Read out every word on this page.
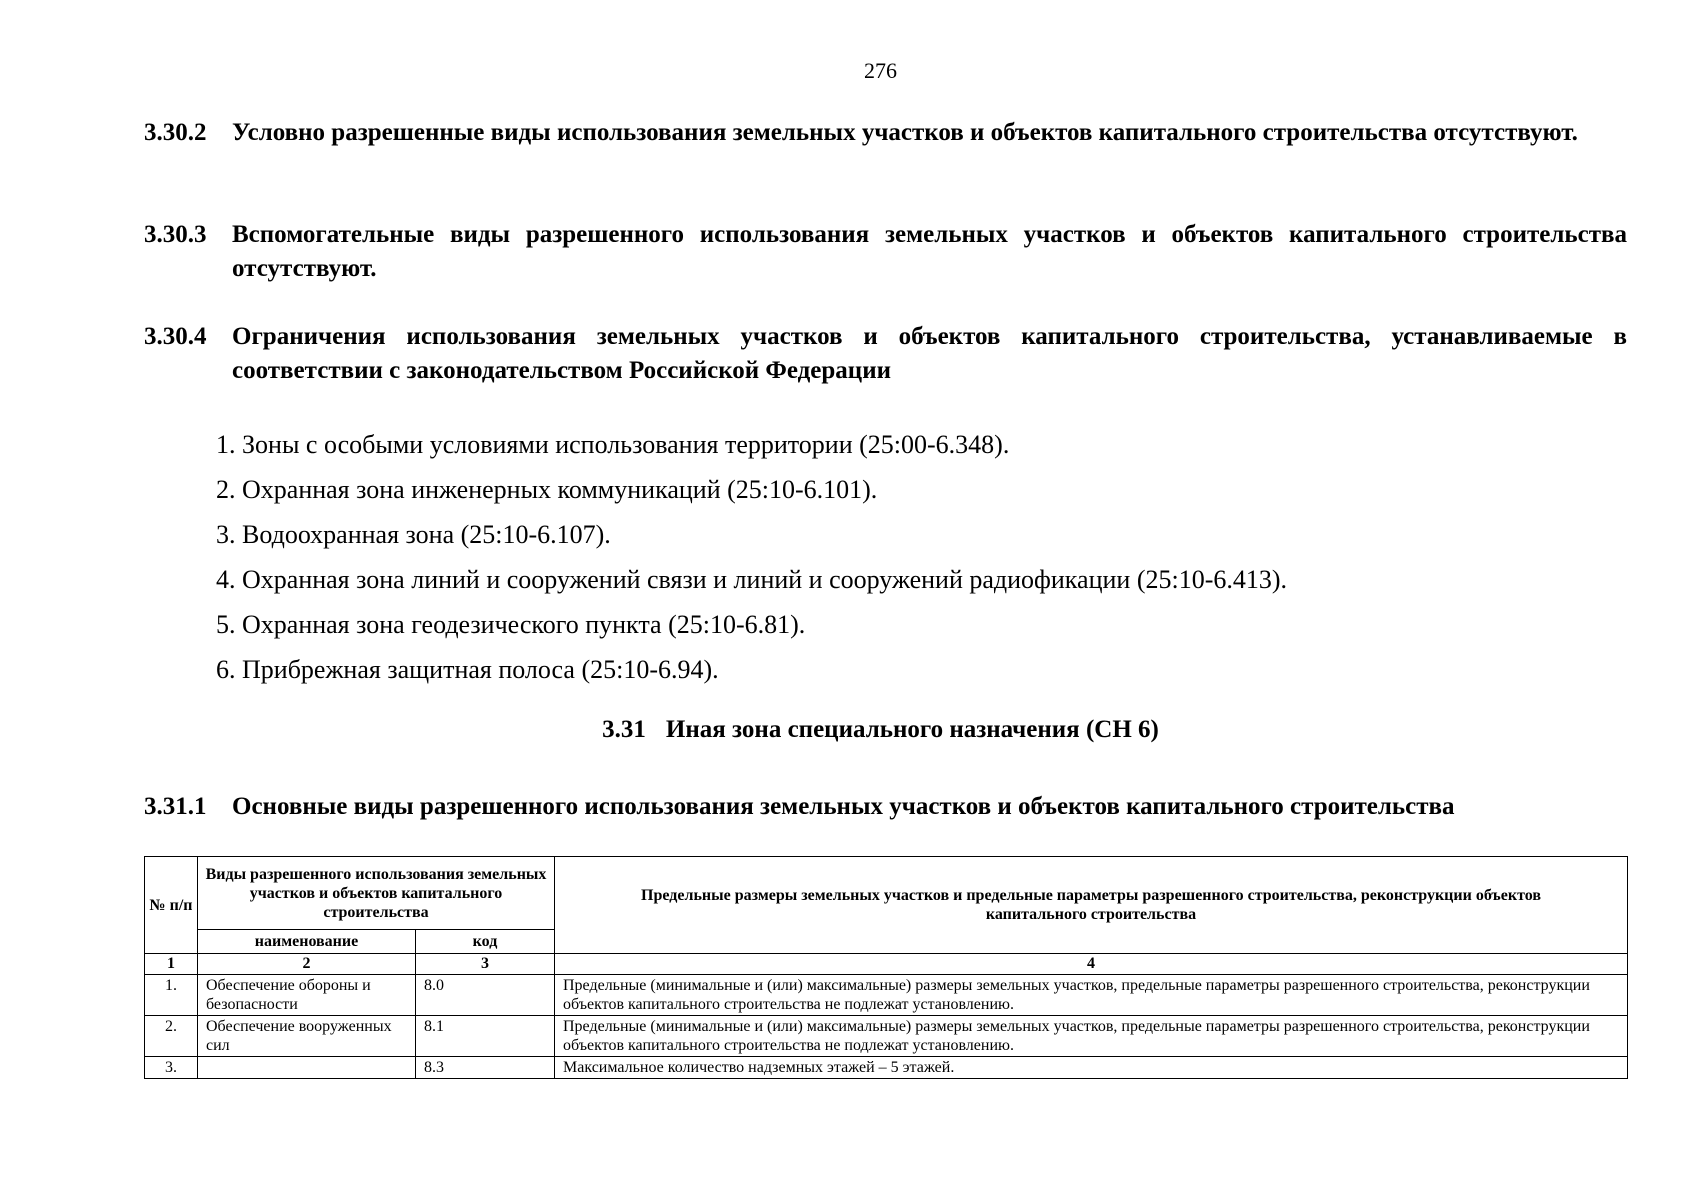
276
3.30.2 Условно разрешенные виды использования земельных участков и объектов капитального строительства отсутствуют.
3.30.3 Вспомогательные виды разрешенного использования земельных участков и объектов капитального строительства отсутствуют.
3.30.4 Ограничения использования земельных участков и объектов капитального строительства, устанавливаемые в соответствии с законодательством Российской Федерации
1. Зоны с особыми условиями использования территории (25:00-6.348).
2. Охранная зона инженерных коммуникаций (25:10-6.101).
3. Водоохранная зона (25:10-6.107).
4. Охранная зона линий и сооружений связи и линий и сооружений радиофикации (25:10-6.413).
5. Охранная зона геодезического пункта (25:10-6.81).
6. Прибрежная защитная полоса (25:10-6.94).
3.31 Иная зона специального назначения (СН 6)
3.31.1 Основные виды разрешенного использования земельных участков и объектов капитального строительства
№ п/п	Виды разрешенного использования земельных участков и объектов капитального строительства		Предельные размеры земельных участков и предельные параметры разрешенного строительства, реконструкции объектов капитального строительства
	наименование	код	
1	2	3	4
1.	Обеспечение обороны и безопасности	8.0	Предельные (минимальные и (или) максимальные) размеры земельных участков, предельные параметры разрешенного строительства, реконструкции объектов капитального строительства не подлежат установлению.
2.	Обеспечение вооруженных сил	8.1	Предельные (минимальные и (или) максимальные) размеры земельных участков, предельные параметры разрешенного строительства, реконструкции объектов капитального строительства не подлежат установлению.
3.		8.3	Максимальное количество надземных этажей – 5 этажей.
